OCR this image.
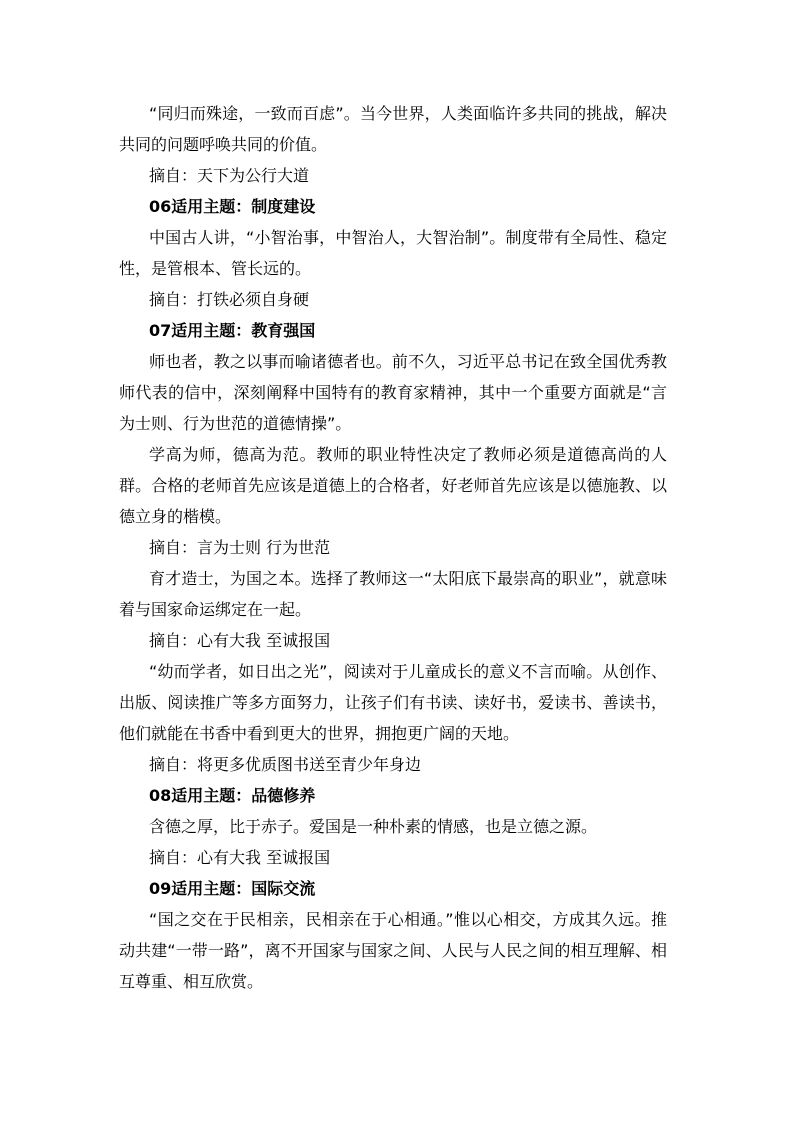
“同归而殊途，一致而百虑”。当今世界，人类面临许多共同的挑战，解决共同的问题呼唤共同的价值。

摘自：天下为公行大道

06适用主题：制度建设

中国古人讲，“小智治事，中智治人，大智治制”。制度带有全局性、稳定性，是管根本、管长远的。

摘自：打铁必须自身硬

07适用主题：教育强国

师也者，教之以事而喻诸德者也。前不久，习近平总书记在致全国优秀教师代表的信中，深刻阐释中国特有的教育家精神，其中一个重要方面就是“言为士则、行为世范的道德情操”。

学高为师，德高为范。教师的职业特性决定了教师必须是道德高尚的人群。合格的老师首先应该是道德上的合格者，好老师首先应该是以德施教、以德立身的楷模。

摘自：言为士则 行为世范

育才造士，为国之本。选择了教师这一“太阳底下最崇高的职业”，就意味着与国家命运绑定在一起。

摘自：心有大我 至诚报国

“幼而学者，如日出之光”，阅读对于儿童成长的意义不言而喻。从创作、出版、阅读推广等多方面努力，让孩子们有书读、读好书，爱读书、善读书，他们就能在书香中看到更大的世界，拥抱更广阔的天地。

摘自：将更多优质图书送至青少年身边

08适用主题：品德修养

含德之厚，比于赤子。爱国是一种朴素的情感，也是立德之源。

摘自：心有大我 至诚报国

09适用主题：国际交流

“国之交在于民相亲，民相亲在于心相通。”惟以心相交，方成其久远。推动共建“一带一路”，离不开国家与国家之间、人民与人民之间的相互理解、相互尊重、相互欣赏。
